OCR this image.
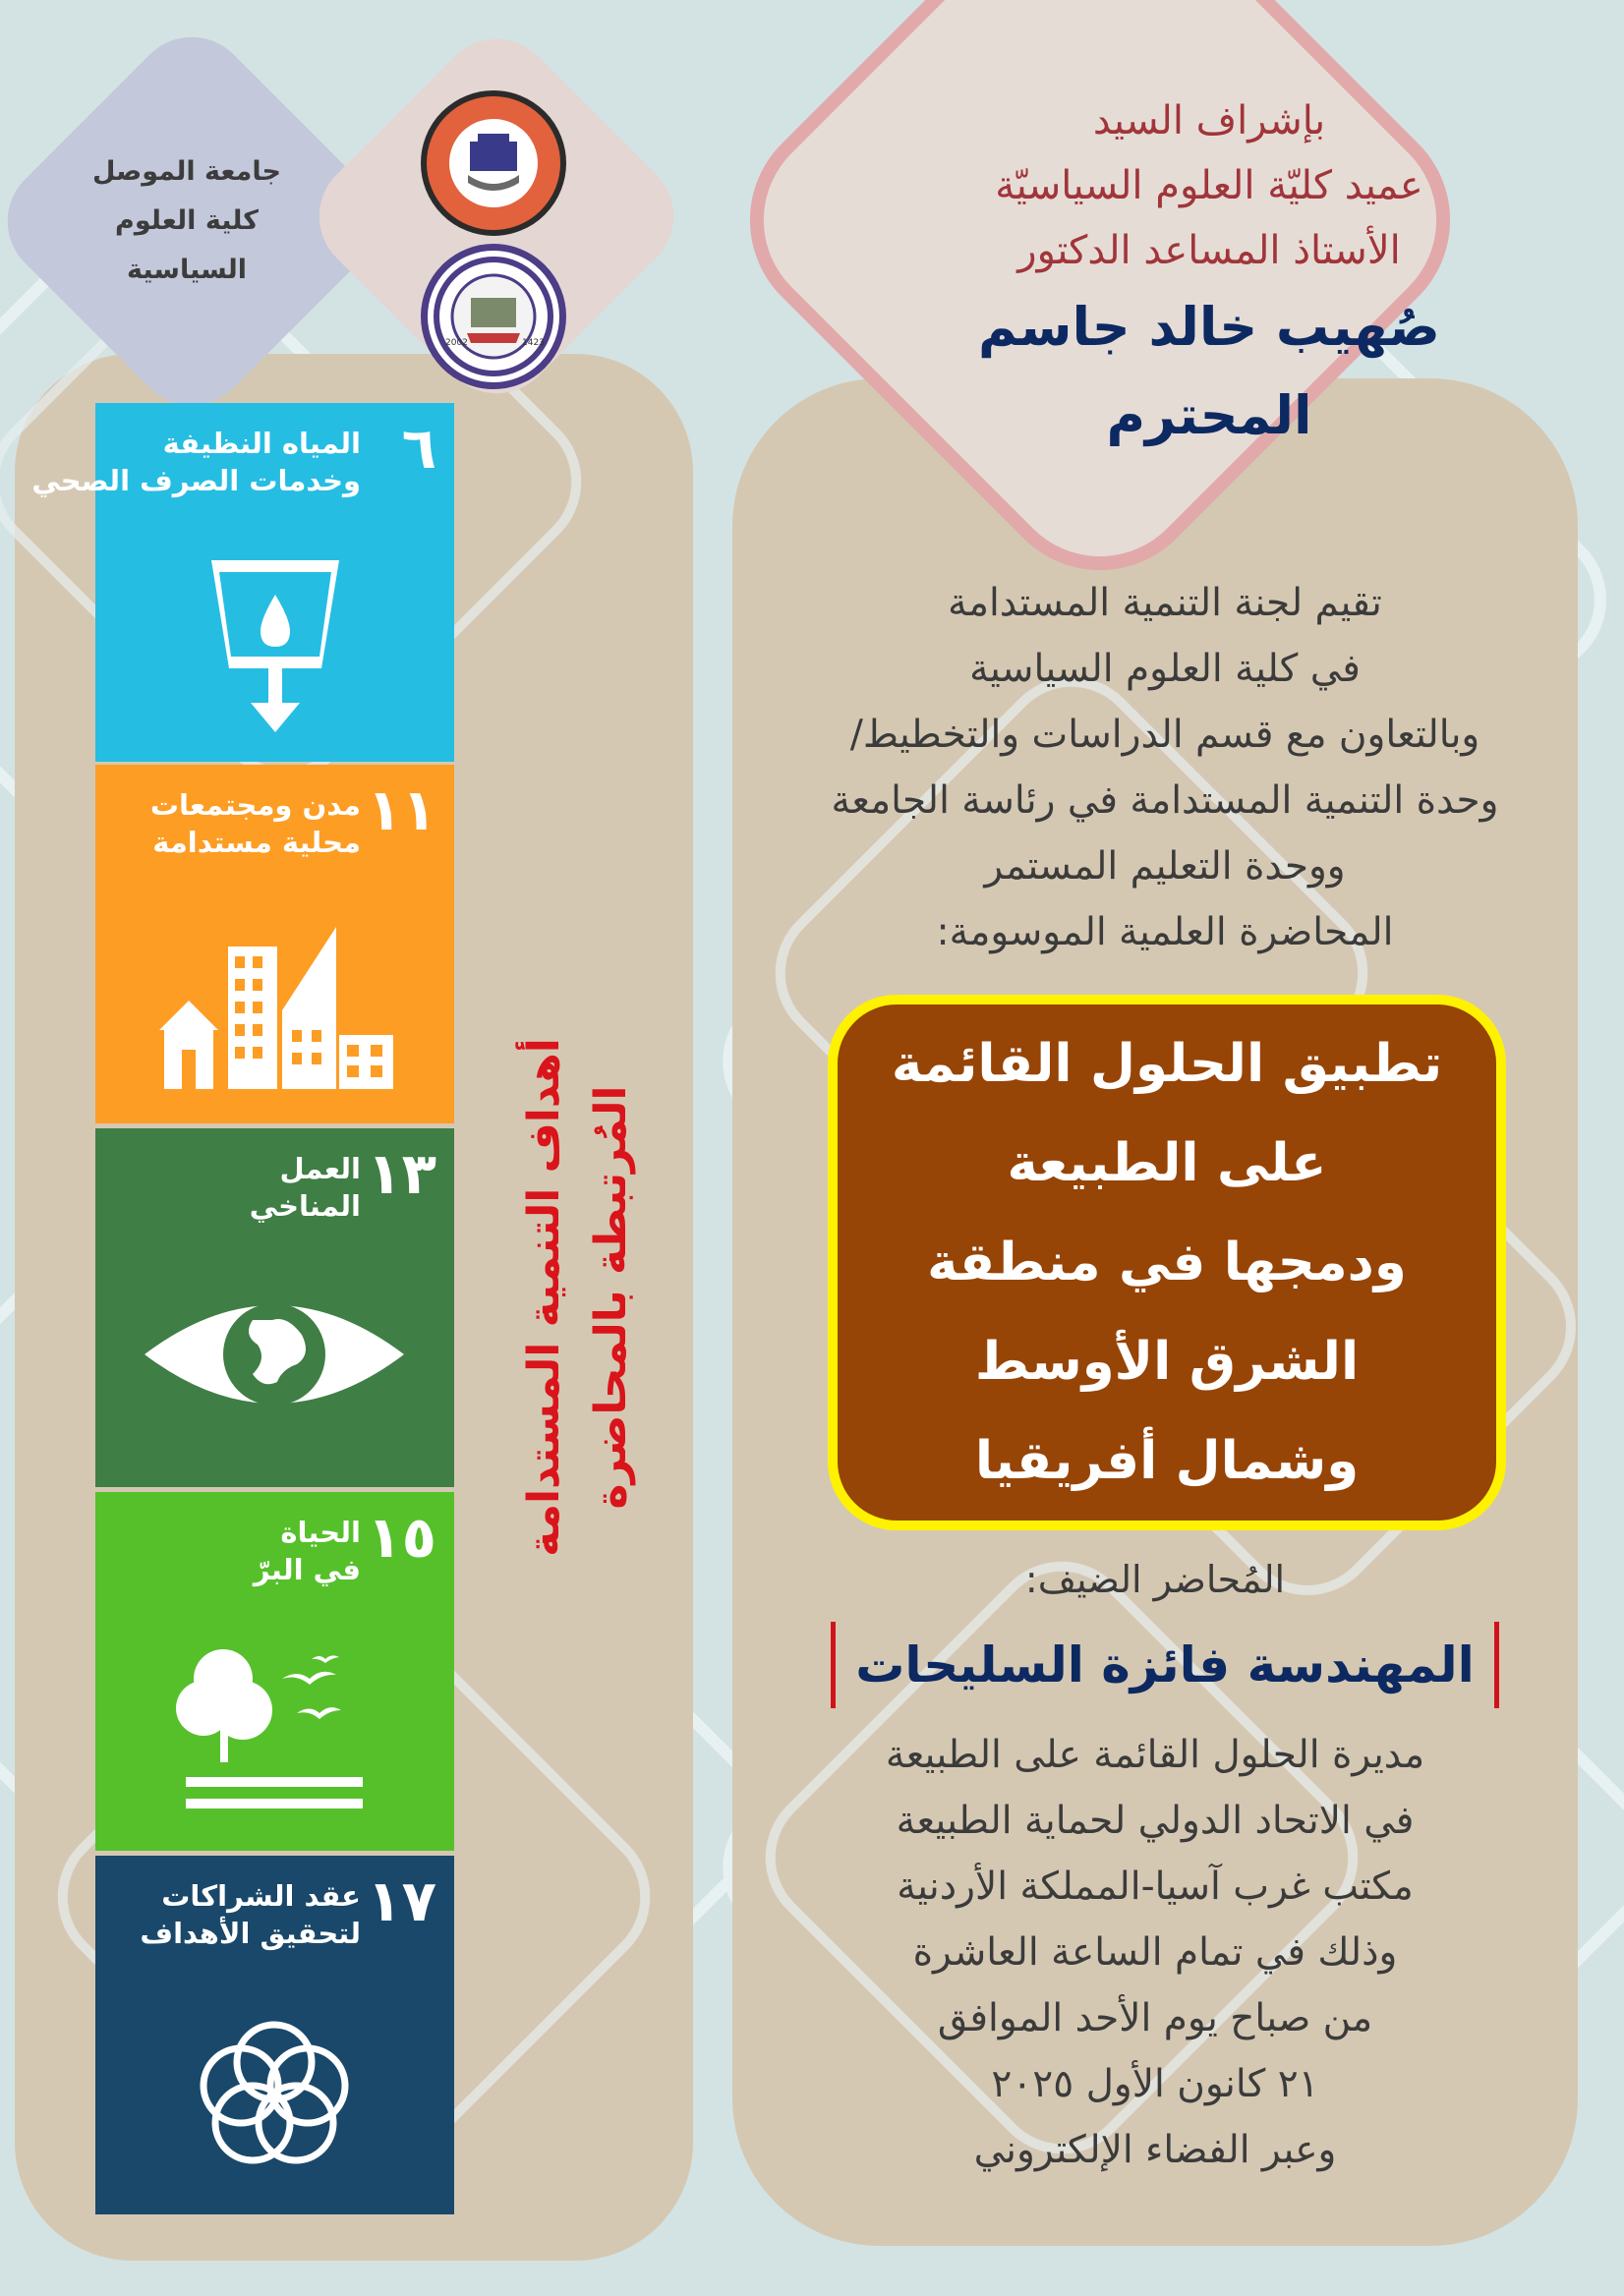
جامعة الموصل
كلية العلوم
السياسية
2002	1423
بإشراف السيد
عميد كليّة العلوم السياسيّة
الأستاذ المساعد الدكتور
صُهيب خالد جاسم
المحترم
تقيم لجنة التنمية المستدامة
في كلية العلوم السياسية
وبالتعاون مع قسم الدراسات والتخطيط/
وحدة التنمية المستدامة في رئاسة الجامعة
ووحدة التعليم المستمر
المحاضرة العلمية الموسومة:
تطبيق الحلول القائمة
على الطبيعة
ودمجها في منطقة
الشرق الأوسط
وشمال أفريقيا
المُحاضر الضيف:
المهندسة فائزة السليحات
مديرة الحلول القائمة على الطبيعة
في الاتحاد الدولي لحماية الطبيعة
مكتب غرب آسيا-المملكة الأردنية
وذلك في تمام الساعة العاشرة
من صباح يوم الأحد الموافق
٢١ كانون الأول ٢٠٢٥
وعبر الفضاء الإلكتروني
٦
المياه النظيفة
وخدمات الصرف الصحي
١١
مدن ومجتمعات
محلية مستدامة
١٣
العمل
المناخي
١٥
الحياة
في البرّ
١٧
عقد الشراكات
لتحقيق الأهداف
أهداف التنمية المستدامة المُرتبطة بالمحاضرة
